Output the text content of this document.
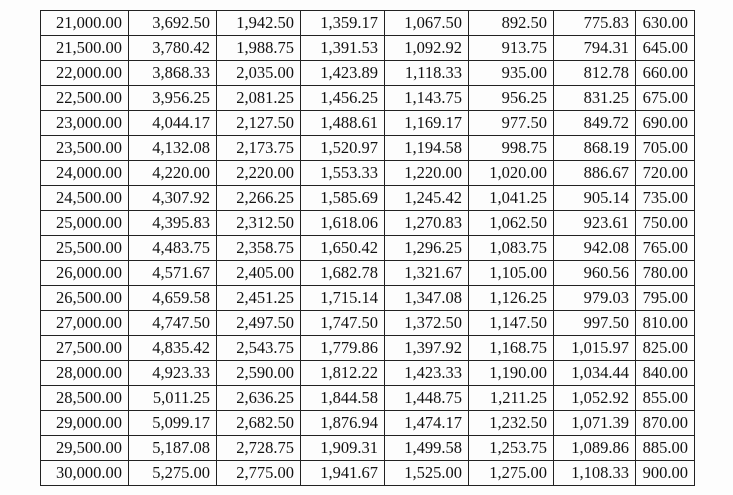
21,000.00	3,692.50	1,942.50	1,359.17	1,067.50	892.50	775.83	630.00
21,500.00	3,780.42	1,988.75	1,391.53	1,092.92	913.75	794.31	645.00
22,000.00	3,868.33	2,035.00	1,423.89	1,118.33	935.00	812.78	660.00
22,500.00	3,956.25	2,081.25	1,456.25	1,143.75	956.25	831.25	675.00
23,000.00	4,044.17	2,127.50	1,488.61	1,169.17	977.50	849.72	690.00
23,500.00	4,132.08	2,173.75	1,520.97	1,194.58	998.75	868.19	705.00
24,000.00	4,220.00	2,220.00	1,553.33	1,220.00	1,020.00	886.67	720.00
24,500.00	4,307.92	2,266.25	1,585.69	1,245.42	1,041.25	905.14	735.00
25,000.00	4,395.83	2,312.50	1,618.06	1,270.83	1,062.50	923.61	750.00
25,500.00	4,483.75	2,358.75	1,650.42	1,296.25	1,083.75	942.08	765.00
26,000.00	4,571.67	2,405.00	1,682.78	1,321.67	1,105.00	960.56	780.00
26,500.00	4,659.58	2,451.25	1,715.14	1,347.08	1,126.25	979.03	795.00
27,000.00	4,747.50	2,497.50	1,747.50	1,372.50	1,147.50	997.50	810.00
27,500.00	4,835.42	2,543.75	1,779.86	1,397.92	1,168.75	1,015.97	825.00
28,000.00	4,923.33	2,590.00	1,812.22	1,423.33	1,190.00	1,034.44	840.00
28,500.00	5,011.25	2,636.25	1,844.58	1,448.75	1,211.25	1,052.92	855.00
29,000.00	5,099.17	2,682.50	1,876.94	1,474.17	1,232.50	1,071.39	870.00
29,500.00	5,187.08	2,728.75	1,909.31	1,499.58	1,253.75	1,089.86	885.00
30,000.00	5,275.00	2,775.00	1,941.67	1,525.00	1,275.00	1,108.33	900.00
